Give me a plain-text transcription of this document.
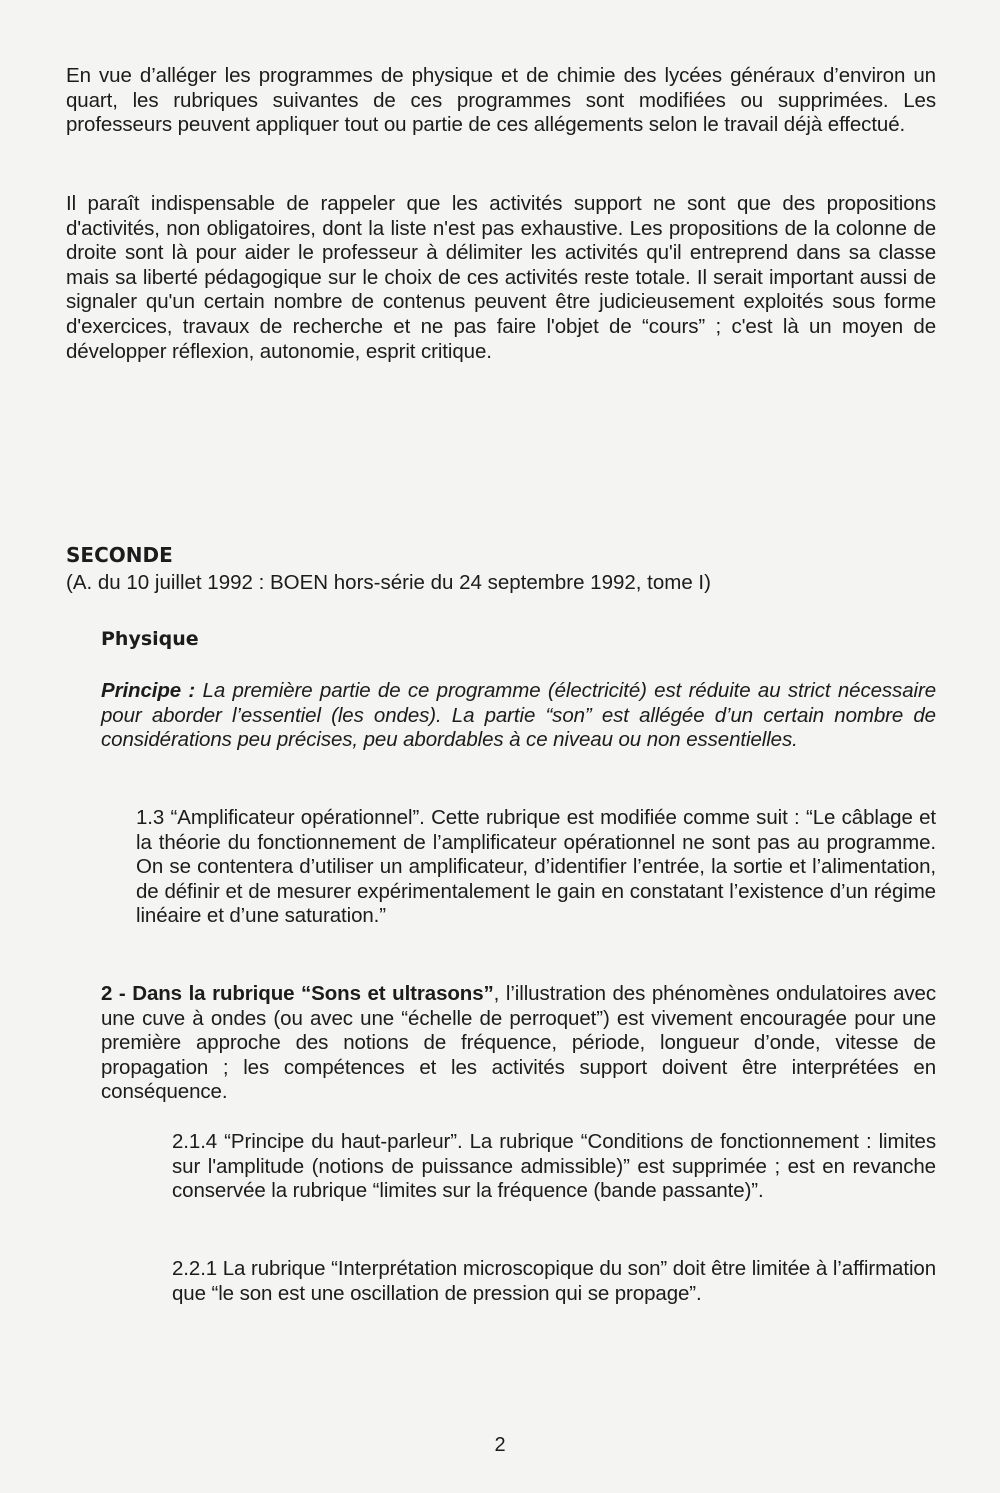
En vue d’alléger les programmes de physique et de chimie des lycées généraux d’environ un quart, les rubriques suivantes de ces programmes sont modifiées ou supprimées. Les professeurs peuvent appliquer tout ou partie de ces allégements selon le travail déjà effectué.

Il paraît indispensable de rappeler que les activités support ne sont que des propositions d'activités, non obligatoires, dont la liste n'est pas exhaustive. Les propositions de la colonne de droite sont là pour aider le professeur à délimiter les activités qu'il entreprend dans sa classe mais sa liberté pédagogique sur le choix de ces activités reste totale. Il serait important aussi de signaler qu'un certain nombre de contenus peuvent être judicieusement exploités sous forme d'exercices, travaux de recherche et ne pas faire l'objet de “cours” ; c'est là un moyen de développer réflexion, autonomie, esprit critique.

SECONDE

(A. du 10 juillet 1992 : BOEN hors-série du 24 septembre 1992, tome I)

Physique

Principe : La première partie de ce programme (électricité) est réduite au strict nécessaire pour aborder l’essentiel (les ondes). La partie “son” est allégée d’un certain nombre de considérations peu précises, peu abordables à ce niveau ou non essentielles.

1.3 “Amplificateur opérationnel”. Cette rubrique est modifiée comme suit : “Le câblage et la théorie du fonctionnement de l’amplificateur opérationnel ne sont pas au programme. On se contentera d’utiliser un amplificateur, d’identifier l’entrée, la sortie et l’alimentation, de définir et de mesurer expérimentalement le gain en constatant l’existence d’un régime linéaire et d’une saturation.”

2 - Dans la rubrique “Sons et ultrasons”, l’illustration des phénomènes ondulatoires avec une cuve à ondes (ou avec une “échelle de perroquet”) est vivement encouragée pour une première approche des notions de fréquence, période, longueur d’onde, vitesse de propagation ; les compétences et les activités support doivent être interprétées en conséquence.

2.1.4 “Principe du haut-parleur”. La rubrique “Conditions de fonctionnement : limites sur l'amplitude (notions de puissance admissible)” est supprimée ; est en revanche conservée la rubrique “limites sur la fréquence (bande passante)”.

2.2.1 La rubrique “Interprétation microscopique du son” doit être limitée à l’affirmation que “le son est une oscillation de pression qui se propage”.

2
